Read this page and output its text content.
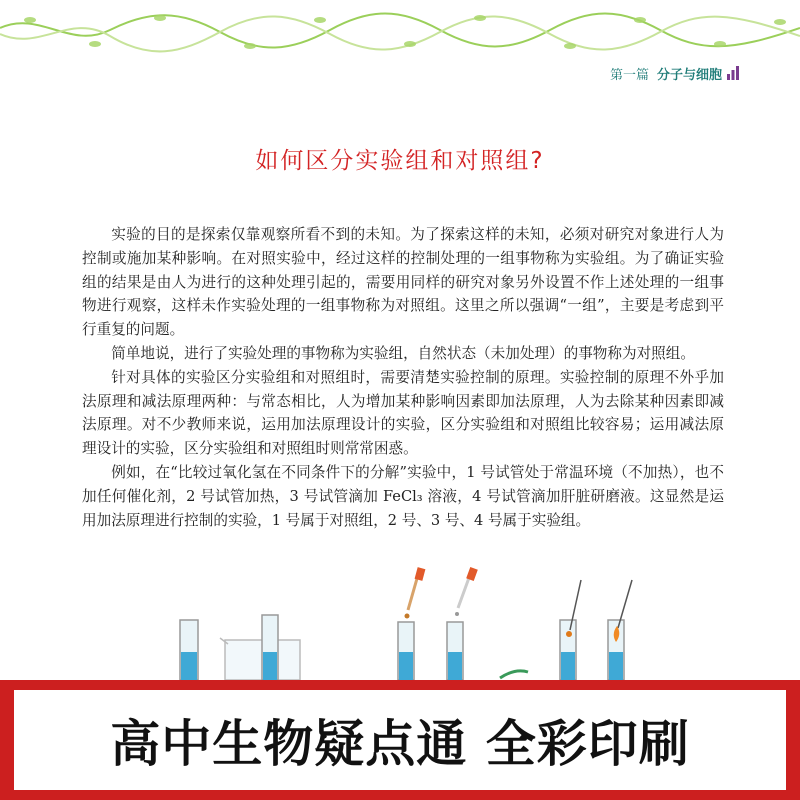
第一篇 分子与细胞
如何区分实验组和对照组?

实验的目的是探索仅靠观察所看不到的未知。为了探索这样的未知，必须对研究对象进行人为控制或施加某种影响。在对照实验中，经过这样的控制处理的一组事物称为实验组。为了确证实验组的结果是由人为进行的这种处理引起的，需要用同样的研究对象另外设置不作上述处理的一组事物进行观察，这样未作实验处理的一组事物称为对照组。这里之所以强调“一组”，主要是考虑到平行重复的问题。

简单地说，进行了实验处理的事物称为实验组，自然状态（未加处理）的事物称为对照组。

针对具体的实验区分实验组和对照组时，需要清楚实验控制的原理。实验控制的原理不外乎加法原理和减法原理两种：与常态相比，人为增加某种影响因素即加法原理，人为去除某种因素即减法原理。对不少教师来说，运用加法原理设计的实验，区分实验组和对照组比较容易；运用减法原理设计的实验，区分实验组和对照组时则常常困惑。

例如，在“比较过氧化氢在不同条件下的分解”实验中，1 号试管处于常温环境（不加热），也不加任何催化剂，2 号试管加热，3 号试管滴加 FeCl₃ 溶液，4 号试管滴加肝脏研磨液。这显然是运用加法原理进行控制的实验，1 号属于对照组，2 号、3 号、4 号属于实验组。

高中生物疑点通 全彩印刷
